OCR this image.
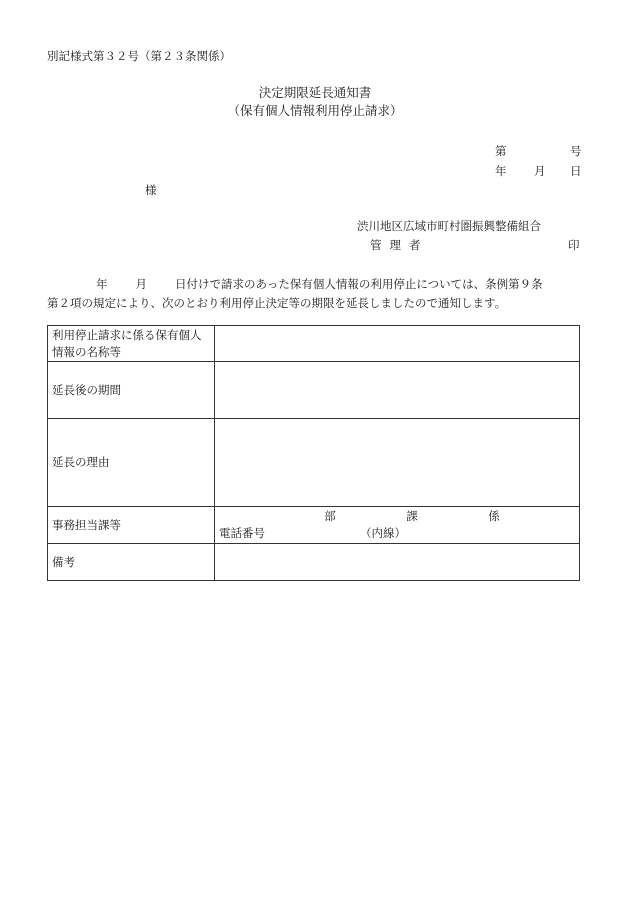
別記様式第３２号（第２３条関係）
決定期限延長通知書
（保有個人情報利用停止請求）
第	号
年 月 日
様
渋川地区広域市町村圏振興整備組合
管理者	印
年 月 日付けで請求のあった保有個人情報の利用停止については、条例第９条
第２項の規定により、次のとおり利用停止決定等の期限を延長しましたので通知します。
利用停止請求に係る保有個人情報の名称等	
延長後の期間	
延長の理由	
事務担当課等	部 課 係
電話番号 （内線）

備考	
